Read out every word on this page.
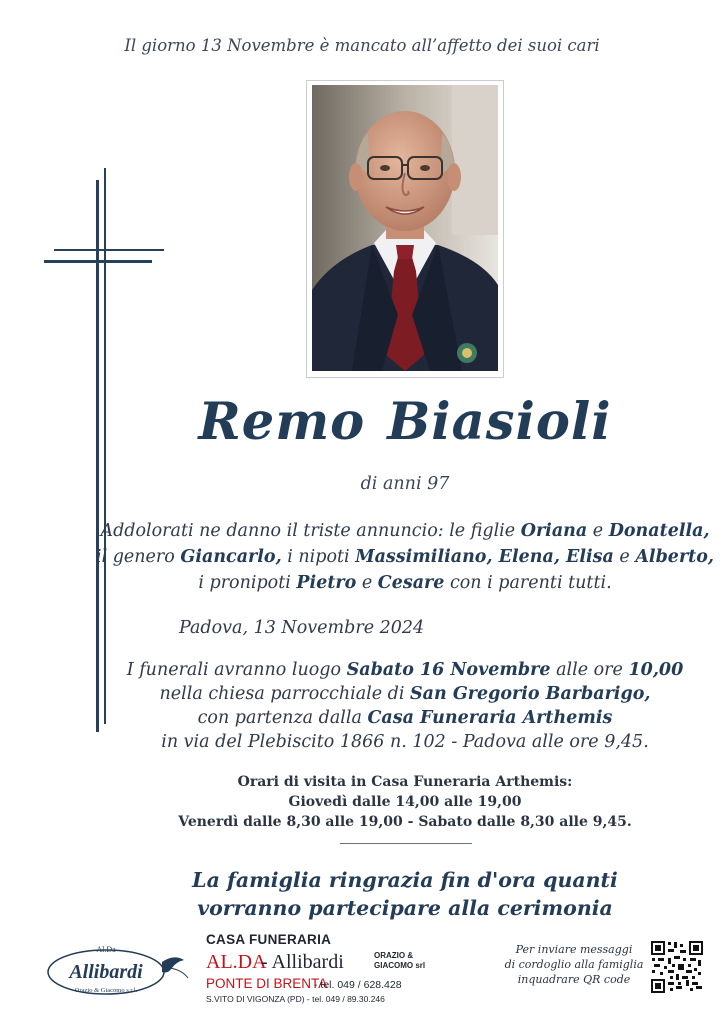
Il giorno 13 Novembre è mancato all’affetto dei suoi cari
Remo Biasioli
di anni 97
Addolorati ne danno il triste annuncio: le figlie Oriana e Donatella,
il genero Giancarlo, i nipoti Massimiliano, Elena, Elisa e Alberto,
i pronipoti Pietro e Cesare con i parenti tutti.
Padova, 13 Novembre 2024
I funerali avranno luogo Sabato 16 Novembre alle ore 10,00
nella chiesa parrocchiale di San Gregorio Barbarigo,
con partenza dalla Casa Funeraria Arthemis
in via del Plebiscito 1866 n. 102 - Padova alle ore 9,45.
Orari di visita in Casa Funeraria Arthemis:
Giovedì dalle 14,00 alle 19,00
Venerdì dalle 8,30 alle 19,00 - Sabato dalle 8,30 alle 9,45.
La famiglia ringrazia fin d'ora quanti
vorranno partecipare alla cerimonia
Al.Da
Allibardi
Orazio & Giacomo s.r.l.
CASA FUNERARIA
AL.DA
- Allibardi	ORAZIO &
GIACOMO srl
PONTE DI BRENTA
- tel. 049 / 628.428
S.VITO DI VIGONZA (PD) - tel. 049 / 89.30.246
Per inviare messaggi
di cordoglio alla famiglia
inquadrare QR code
